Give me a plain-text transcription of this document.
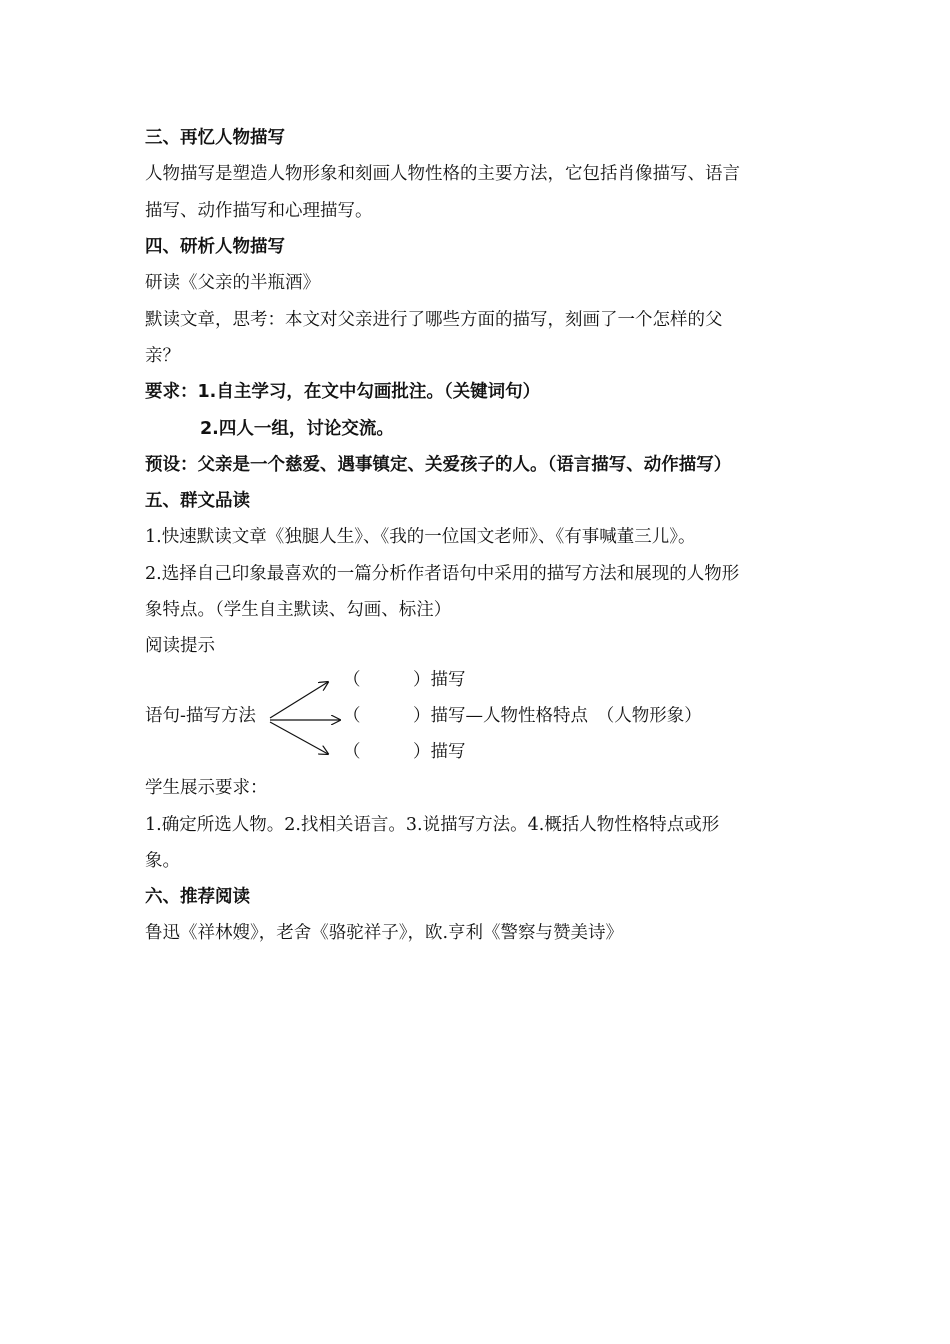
三、再忆人物描写
人物描写是塑造人物形象和刻画人物性格的主要方法，它包括肖像描写、语言
描写、动作描写和心理描写。
四、研析人物描写
研读《父亲的半瓶酒》
默读文章，思考：本文对父亲进行了哪些方面的描写，刻画了一个怎样的父
亲？
要求：1.自主学习，在文中勾画批注。（关键词句）
2.四人一组，讨论交流。
预设：父亲是一个慈爱、遇事镇定、关爱孩子的人。（语言描写、动作描写）
五、群文品读
1.快速默读文章《独腿人生》、《我的一位国文老师》、《有事喊董三儿》。
2.选择自己印象最喜欢的一篇分析作者语句中采用的描写方法和展现的人物形
象特点。（学生自主默读、勾画、标注）
阅读提示
语句-描写方法
（　　　）描写
（　　　）描写—人物性格特点　（人物形象）
（　　　）描写
学生展示要求：
1.确定所选人物。2.找相关语言。3.说描写方法。4.概括人物性格特点或形
象。
六、推荐阅读
鲁迅《祥林嫂》，老舍《骆驼祥子》，欧.亨利《警察与赞美诗》
